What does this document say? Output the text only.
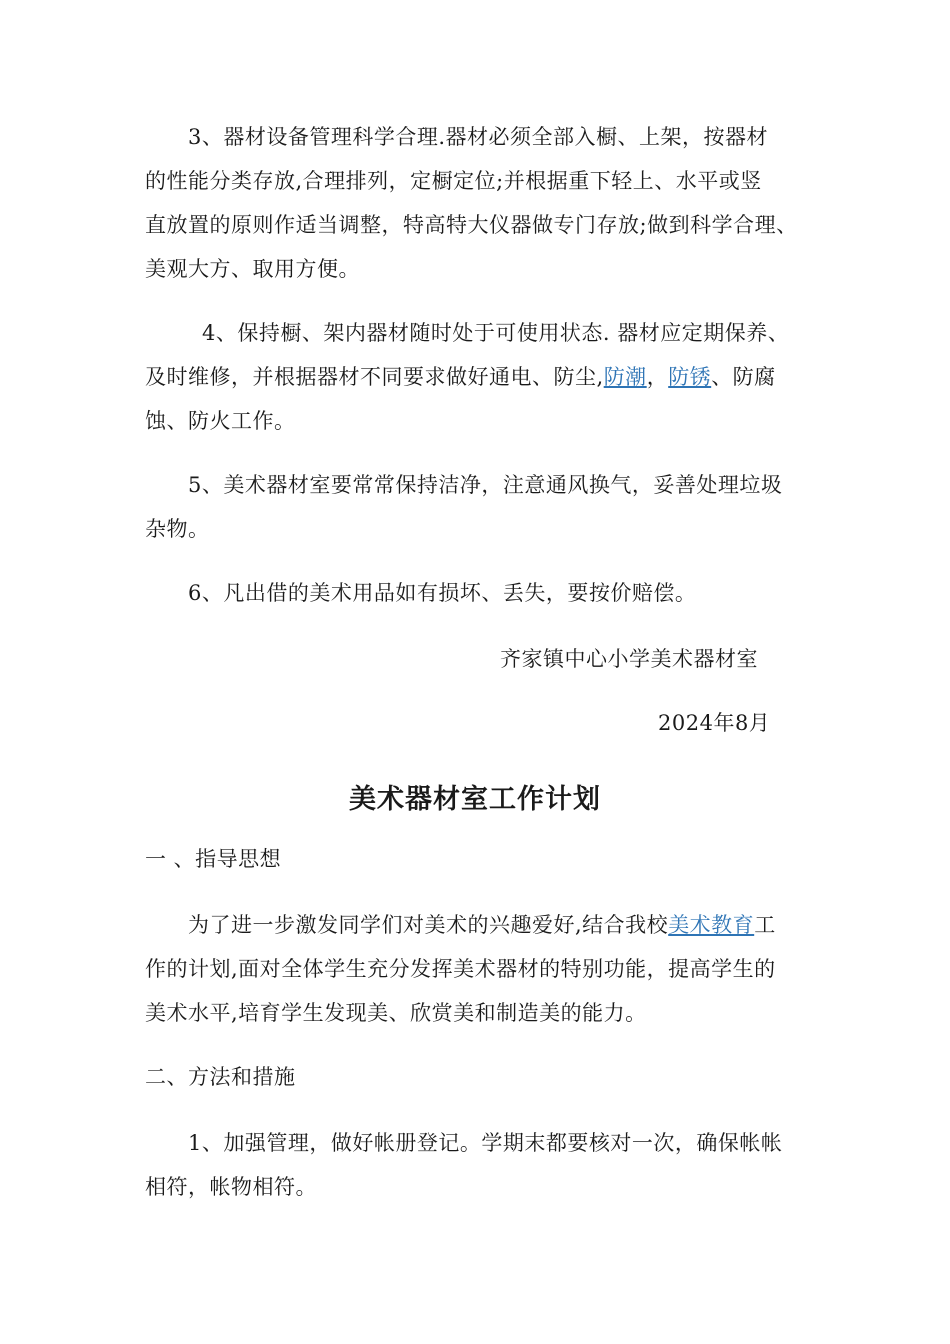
3、器材设备管理科学合理.器材必须全部入橱、上架，按器材
的性能分类存放,合理排列，定橱定位;并根据重下轻上、水平或竖
直放置的原则作适当调整，特高特大仪器做专门存放;做到科学合理、
美观大方、取用方便。
4、保持橱、架内器材随时处于可使用状态. 器材应定期保养、
及时维修，并根据器材不同要求做好通电、防尘,防潮，防锈、防腐
蚀、防火工作。
5、美术器材室要常常保持洁净，注意通风换气，妥善处理垃圾
杂物。
6、凡出借的美术用品如有损坏、丢失，要按价赔偿。
齐家镇中心小学美术器材室
2024年8月
美术器材室工作计划
一 、指导思想
为了进一步激发同学们对美术的兴趣爱好,结合我校美术教育工
作的计划,面对全体学生充分发挥美术器材的特别功能，提高学生的
美术水平,培育学生发现美、欣赏美和制造美的能力。
二、方法和措施
1、加强管理，做好帐册登记。学期末都要核对一次，确保帐帐
相符，帐物相符。
